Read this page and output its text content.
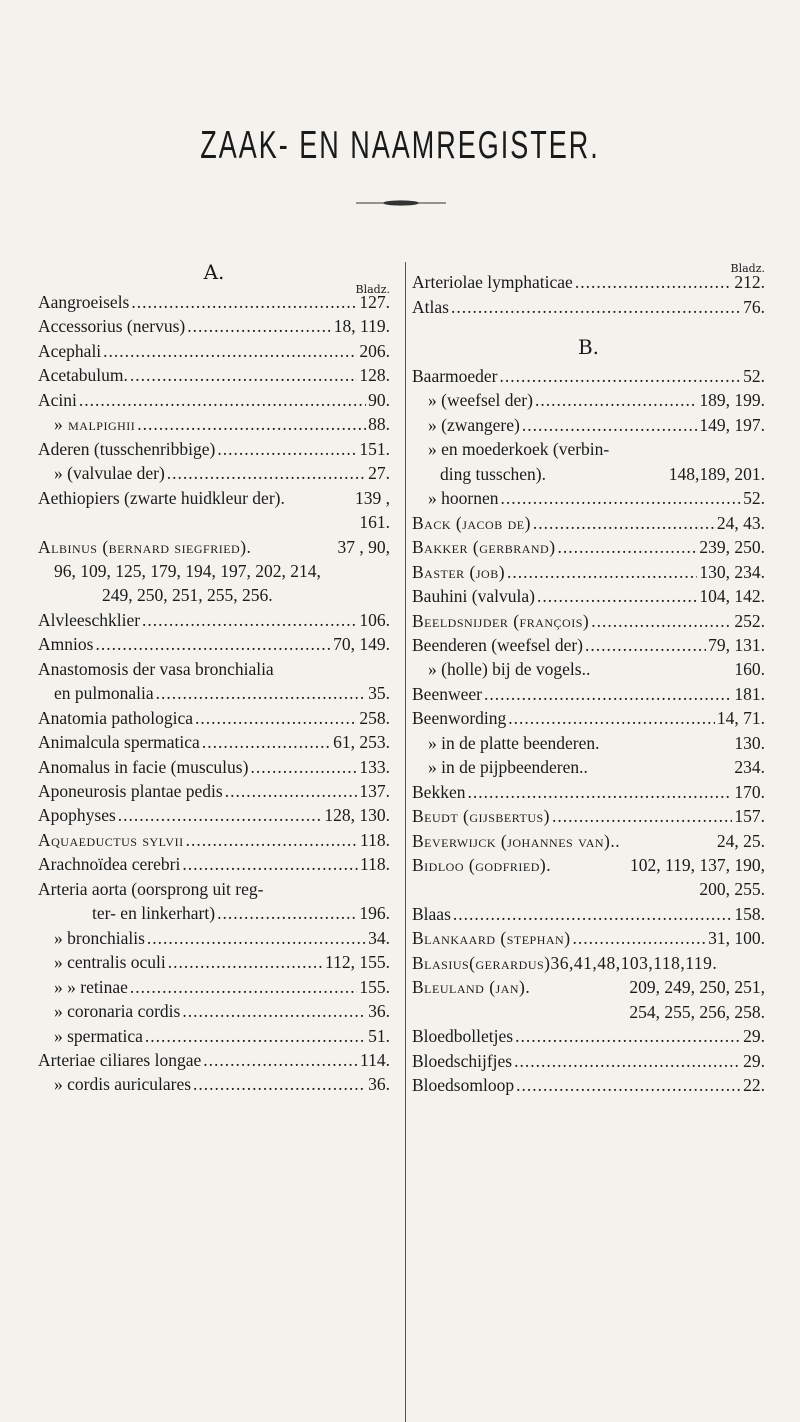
ZAAK- EN NAAMREGISTER.
A.
Bladz.
Aangroeisels .....	127.
Accessorius (nervus) .....	18, 119.
Acephali .....	206.
Acetabulum. .....	128.
Acini .....	90.
» malpighii .....	88.
Aderen (tusschenribbige) .....	151.
» (valvulae der) .....	27.
Aethiopiers (zwarte huidkleur der).	139 ,
161.
Albinus (bernard siegfried).	37 , 90,
96, 109, 125, 179, 194, 197, 202, 214,
249, 250, 251, 255, 256.
Alvleeschklier .....	106.
Amnios .....	70, 149.
Anastomosis der vasa bronchialia
en pulmonalia .....	35.
Anatomia pathologica .....	258.
Animalcula spermatica .....	61, 253.
Anomalus in facie (musculus) .....	133.
Aponeurosis plantae pedis .....	137.
Apophyses .....	128, 130.
Aquaeductus sylvii .....	118.
Arachnoïdea cerebri .....	118.
Arteria aorta (oorsprong uit reg-
ter- en linkerhart) .....	196.
» bronchialis .....	34.
» centralis oculi .....	112, 155.
» » retinae .....	155.
» coronaria cordis .....	36.
» spermatica .....	51.
Arteriae ciliares longae .....	114.
» cordis auriculares .....	36.
Bladz.
B.
Arteriolae lymphaticae .....	212.
Atlas .....	76.
Baarmoeder .....	52.
» (weefsel der) .....	189, 199.
» (zwangere) .....	149, 197.
» en moederkoek (verbin-
ding tusschen).	148,189, 201.
» hoornen .....	52.
Back (jacob de) .....	24, 43.
Bakker (gerbrand) .....	239, 250.
Baster (job) .....	130, 234.
Bauhini (valvula) .....	104, 142.
Beeldsnijder (françois) .....	252.
Beenderen (weefsel der) .....	79, 131.
» (holle) bij de vogels..	160.
Beenweer .....	181.
Beenwording .....	14, 71.
» in de platte beenderen.	130.
» in de pijpbeenderen..	234.
Bekken .....	170.
Beudt (gijsbertus) .....	157.
Beverwijck (johannes van)..	24, 25.
Bidloo (godfried).	102, 119, 137, 190,
200, 255.
Blaas .....	158.
Blankaard (stephan) .....	31, 100.
Blasius(gerardus)36,41,48,103,118,119.
Bleuland (jan).	209, 249, 250, 251,
254, 255, 256, 258.
Bloedbolletjes .....	29.
Bloedschijfjes .....	29.
Bloedsomloop .....	22.
